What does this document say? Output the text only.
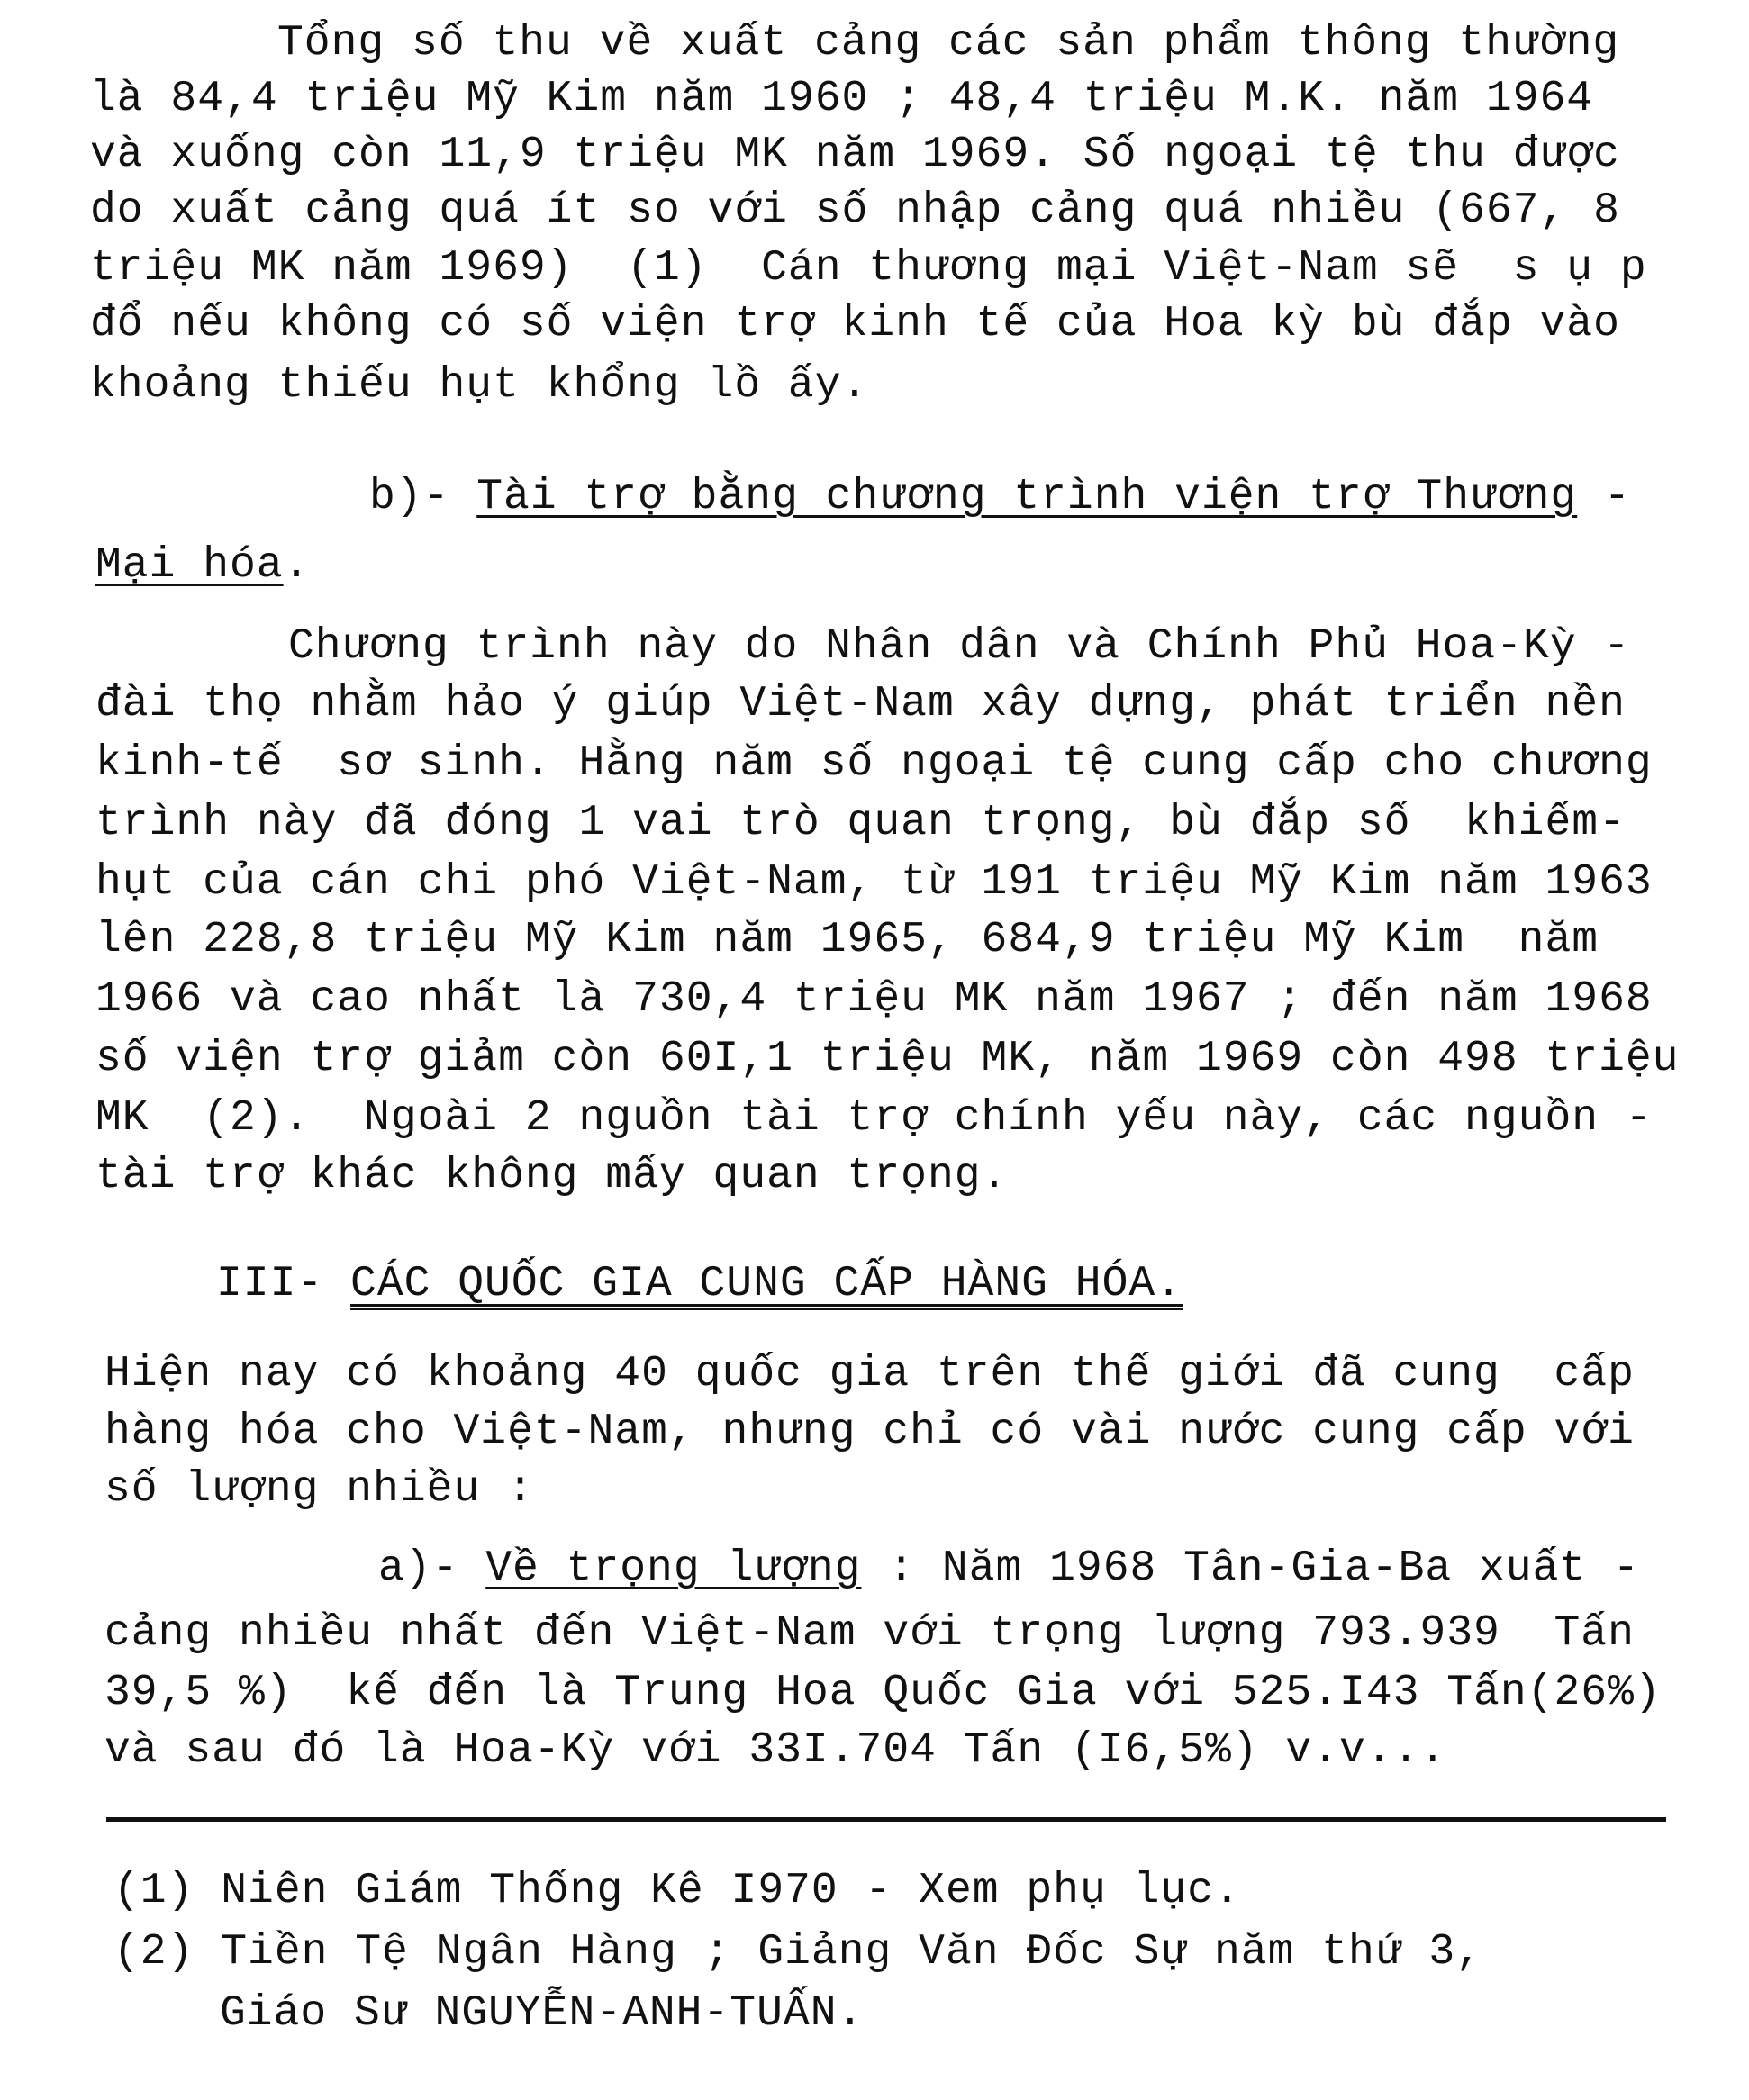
Tổng số thu về xuất cảng các sản phẩm thông thường
là 84,4 triệu Mỹ Kim năm 1960 ; 48,4 triệu M.K. năm 1964
và xuống còn 11,9 triệu MK năm 1969. Số ngoại tệ thu được
do xuất cảng quá ít so với số nhập cảng quá nhiều (667, 8
triệu MK năm 1969)  (1)  Cán thương mại Việt-Nam sẽ  s ụ p
đổ nếu không có số viện trợ kinh tế của Hoa kỳ bù đắp vào
khoảng thiếu hụt khổng lồ ấy.
b)- Tài trợ bằng chương trình viện trợ Thương -
Mại hóa.
Chương trình này do Nhân dân và Chính Phủ Hoa-Kỳ -
đài thọ nhằm hảo ý giúp Việt-Nam xây dựng, phát triển nền
kinh-tế  sơ sinh. Hằng năm số ngoại tệ cung cấp cho chương
trình này đã đóng 1 vai trò quan trọng, bù đắp số  khiếm-
hụt của cán chi phó Việt-Nam, từ 191 triệu Mỹ Kim năm 1963
lên 228,8 triệu Mỹ Kim năm 1965, 684,9 triệu Mỹ Kim  năm
1966 và cao nhất là 730,4 triệu MK năm 1967 ; đến năm 1968
số viện trợ giảm còn 60I,1 triệu MK, năm 1969 còn 498 triệu
MK  (2).  Ngoài 2 nguồn tài trợ chính yếu này, các nguồn -
tài trợ khác không mấy quan trọng.
III- CÁC QUỐC GIA CUNG CẤP HÀNG HÓA.
Hiện nay có khoảng 40 quốc gia trên thế giới đã cung  cấp
hàng hóa cho Việt-Nam, nhưng chỉ có vài nước cung cấp với
số lượng nhiều :
a)- Về trọng lượng : Năm 1968 Tân-Gia-Ba xuất -
cảng nhiều nhất đến Việt-Nam với trọng lượng 793.939  Tấn
39,5 %)  kế đến là Trung Hoa Quốc Gia với 525.I43 Tấn(26%)
và sau đó là Hoa-Kỳ với 33I.704 Tấn (I6,5%) v.v...
(1) Niên Giám Thống Kê I970 - Xem phụ lục.
(2) Tiền Tệ Ngân Hàng ; Giảng Văn Đốc Sự năm thứ 3,
Giáo Sư NGUYỄN-ANH-TUẤN.
